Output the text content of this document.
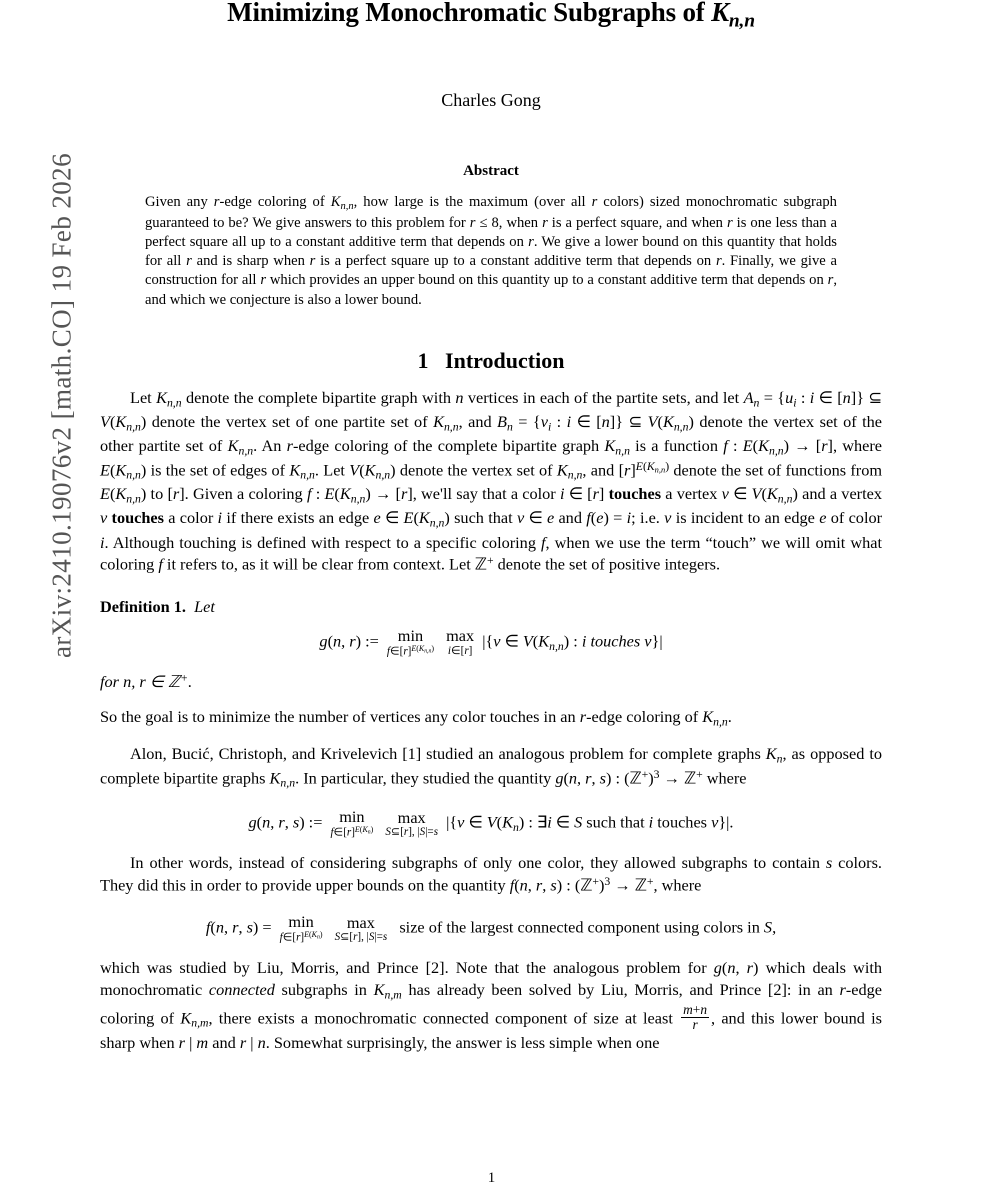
arXiv:2410.19076v2 [math.CO] 19 Feb 2026
Minimizing Monochromatic Subgraphs of $K_{n,n}$
Charles Gong
Abstract
Given any r-edge coloring of $K_{n,n}$, how large is the maximum (over all r colors) sized monochromatic subgraph guaranteed to be? We give answers to this problem for r ≤ 8, when r is a perfect square, and when r is one less than a perfect square all up to a constant additive term that depends on r. We give a lower bound on this quantity that holds for all r and is sharp when r is a perfect square up to a constant additive term that depends on r. Finally, we give a construction for all r which provides an upper bound on this quantity up to a constant additive term that depends on r, and which we conjecture is also a lower bound.
1 Introduction

Let $K_{n,n}$ denote the complete bipartite graph with n vertices in each of the partite sets, and let $A_n = \{u_i$ : i ∈ [n]} ⊆ $V(K_{n,n})$ denote the vertex set of one partite set of $K_{n,n}$, and $B_n = \{v_i$ : i ∈ [n]} ⊆ $V(K_{n,n})$ denote the vertex set of the other partite set of $K_{n,n}$. An r-edge coloring of the complete bipartite graph $K_{n,n}$ is a function f : $E(K_{n,n}) \to [r]$, where $E(K_{n,n})$ is the set of edges of $K_{n,n}$. Let $V(K_{n,n})$ denote the vertex set of $K_{n,n}$, and $[r]^{E(K_{n,n})}$ denote the set of functions from $E(K_{n,n})$ to [r]. Given a coloring f : $E(K_{n,n}) \to [r]$, we'll say that a color i ∈ [r] touches a vertex v ∈ $V(K_{n,n})$ and a vertex v touches a color i if there exists an edge e ∈ $E(K_{n,n})$ such that v ∈ e and f(e) = i; i.e. v is incident to an edge e of color i. Although touching is defined with respect to a specific coloring f, when we use the term “touch” we will omit what coloring f it refers to, as it will be clear from context. Let ℤ+ denote the set of positive integers.

Definition 1. Let
g(n, r) := min
$f\in[r]^{E(K_{n,n})}$

max
i∈[r]
|{v ∈ $V(K_{n,n})$ : i touches v}|

for n, r ∈ ℤ+.

So the goal is to minimize the number of vertices any color touches in an r-edge coloring of $K_{n,n}$.

Alon, Bucić, Christoph, and Krivelevich [1] studied an analogous problem for complete graphs $K_n$, as opposed to complete bipartite graphs $K_{n,n}$. In particular, they studied the quantity g(n, r, s) : (ℤ+)$^3$ → ℤ+ where

g(n, r, s) := min
$f\in[r]^{E(K_n)}$

max
S⊆[r], |S|=s
|{v ∈ $V(K_n)$ : ∃i ∈ S such that i touches v}|.

In other words, instead of considering subgraphs of only one color, they allowed subgraphs to contain s colors. They did this in order to provide upper bounds on the quantity f(n, r, s) : (ℤ+)$^3$ → ℤ+, where

f(n, r, s) = min
$f\in[r]^{E(K_n)}$

max
S⊆[r], |S|=s
size of the largest connected component using colors in S,

which was studied by Liu, Morris, and Prince [2]. Note that the analogous problem for g(n, r) which deals with monochromatic connected subgraphs in $K_{n,m}$ has already been solved by Liu, Morris, and Prince [2]: in an r-edge coloring of $K_{n,m}$, there exists a monochromatic connected component of size at least $\frac{m+n}{r}$ , and this lower bound is sharp when r | m and r | n. Somewhat surprisingly, the answer is less simple when one

1
